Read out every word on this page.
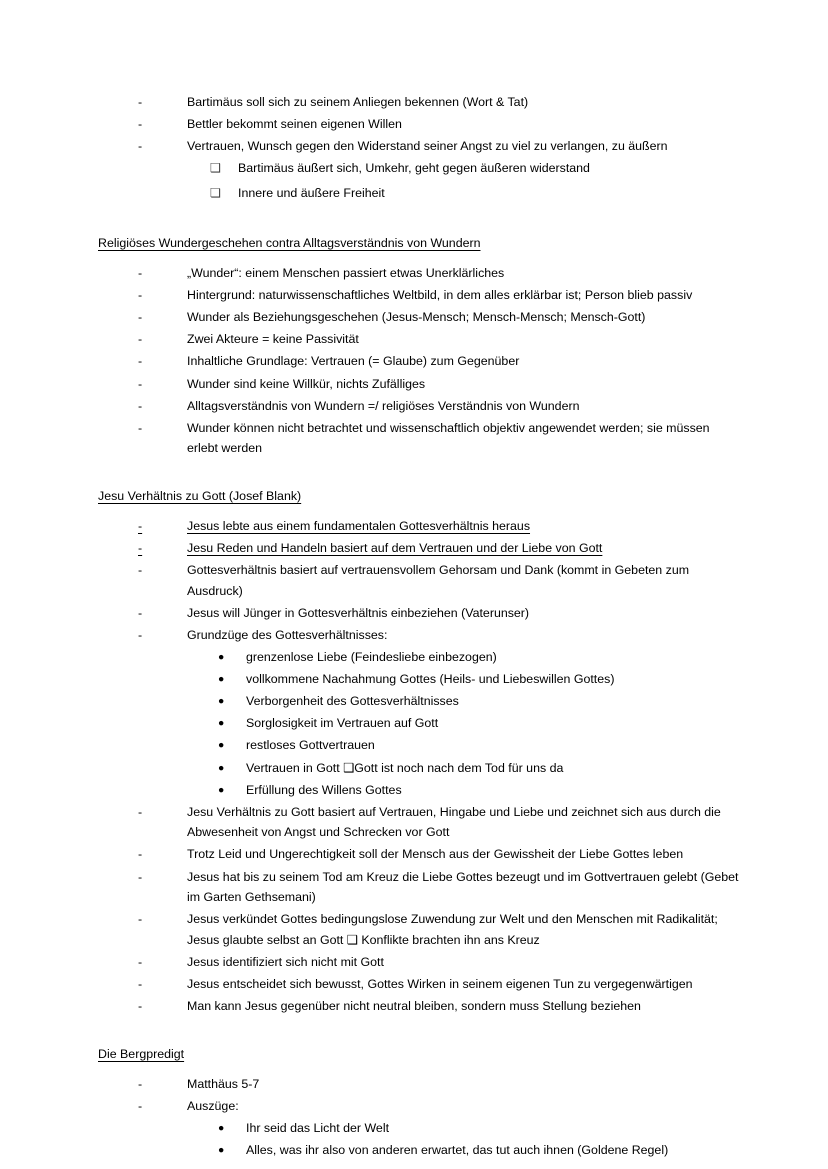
-	Bartimäus soll sich zu seinem Anliegen bekennen (Wort & Tat)
-	Bettler bekommt seinen eigenen Willen
-	Vertrauen, Wunsch gegen den Widerstand seiner Angst zu viel zu verlangen, zu äußern
❑	Bartimäus äußert sich, Umkehr, geht gegen äußeren widerstand
❏	Innere und äußere Freiheit
Religiöses Wundergeschehen contra Alltagsverständnis von Wundern
-	„Wunder“: einem Menschen passiert etwas Unerklärliches
-	Hintergrund: naturwissenschaftliches Weltbild, in dem alles erklärbar ist; Person blieb passiv
-	Wunder als Beziehungsgeschehen (Jesus-Mensch; Mensch-Mensch; Mensch-Gott)
-	Zwei Akteure = keine Passivität
-	Inhaltliche Grundlage: Vertrauen (= Glaube) zum Gegenüber
-	Wunder sind keine Willkür, nichts Zufälliges
-	Alltagsverständnis von Wundern =/ religiöses Verständnis von Wundern
-	Wunder können nicht betrachtet und wissenschaftlich objektiv angewendet werden; sie müssen erlebt werden
Jesu Verhältnis zu Gott (Josef Blank)
-	Jesus lebte aus einem fundamentalen Gottesverhältnis heraus
-	Jesu Reden und Handeln basiert auf dem Vertrauen und der Liebe von Gott
-	Gottesverhältnis basiert auf vertrauensvollem Gehorsam und Dank (kommt in Gebeten zum Ausdruck)
-	Jesus will Jünger in Gottesverhältnis einbeziehen (Vaterunser)
-	Grundzüge des Gottesverhältnisses:
●	grenzenlose Liebe (Feindesliebe einbezogen)
●	vollkommene Nachahmung Gottes (Heils- und Liebeswillen Gottes)
●	Verborgenheit des Gottesverhältnisses
●	Sorglosigkeit im Vertrauen auf Gott
●	restloses Gottvertrauen
●	Vertrauen in Gott ❑Gott ist noch nach dem Tod für uns da
●	Erfüllung des Willens Gottes
-	Jesu Verhältnis zu Gott basiert auf Vertrauen, Hingabe und Liebe und zeichnet sich aus durch die Abwesenheit von Angst und Schrecken vor Gott
-	Trotz Leid und Ungerechtigkeit soll der Mensch aus der Gewissheit der Liebe Gottes leben
-	Jesus hat bis zu seinem Tod am Kreuz die Liebe Gottes bezeugt und im Gottvertrauen gelebt (Gebet im Garten Gethsemani)
-	Jesus verkündet Gottes bedingungslose Zuwendung zur Welt und den Menschen mit Radikalität; Jesus glaubte selbst an Gott ❑ Konflikte brachten ihn ans Kreuz
-	Jesus identifiziert sich nicht mit Gott
-	Jesus entscheidet sich bewusst, Gottes Wirken in seinem eigenen Tun zu vergegenwärtigen
-	Man kann Jesus gegenüber nicht neutral bleiben, sondern muss Stellung beziehen
Die Bergpredigt
-	Matthäus 5-7
-	Auszüge:
●	Ihr seid das Licht der Welt
●	Alles, was ihr also von anderen erwartet, das tut auch ihnen (Goldene Regel)
